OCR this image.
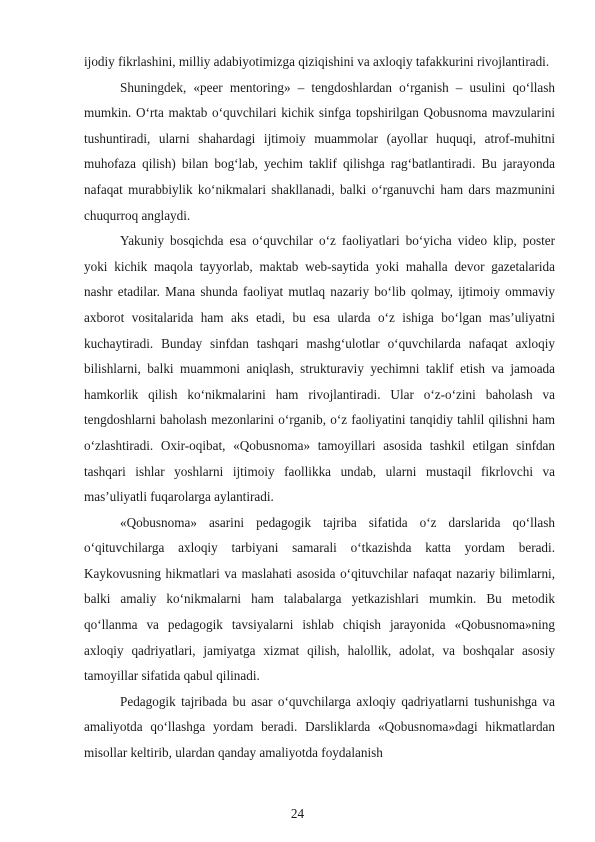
ijodiy fikrlashini, milliy adabiyotimizga qiziqishini va axloqiy tafakkurini rivojlantiradi.

Shuningdek, «peer mentoring» – tengdoshlardan o‘rganish – usulini qo‘llash mumkin. O‘rta maktab o‘quvchilari kichik sinfga topshirilgan Qobusnoma mavzularini tushuntiradi, ularni shahardagi ijtimoiy muammolar (ayollar huquqi, atrof-muhitni muhofaza qilish) bilan bog‘lab, yechim taklif qilishga rag‘batlantiradi. Bu jarayonda nafaqat murabbiylik ko‘nikmalari shakllanadi, balki o‘rganuvchi ham dars mazmunini chuqurroq anglaydi.

Yakuniy bosqichda esa o‘quvchilar o‘z faoliyatlari bo‘yicha video klip, poster yoki kichik maqola tayyorlab, maktab web-saytida yoki mahalla devor gazetalarida nashr etadilar. Mana shunda faoliyat mutlaq nazariy bo‘lib qolmay, ijtimoiy ommaviy axborot vositalarida ham aks etadi, bu esa ularda o‘z ishiga bo‘lgan mas’uliyatni kuchaytiradi. Bunday sinfdan tashqari mashg‘ulotlar o‘quvchilarda nafaqat axloqiy bilishlarni, balki muammoni aniqlash, strukturaviy yechimni taklif etish va jamoada hamkorlik qilish ko‘nikmalarini ham rivojlantiradi. Ular o‘z-o‘zini baholash va tengdoshlarni baholash mezonlarini o‘rganib, o‘z faoliyatini tanqidiy tahlil qilishni ham o‘zlashtiradi. Oxir-oqibat, «Qobusnoma» tamoyillari asosida tashkil etilgan sinfdan tashqari ishlar yoshlarni ijtimoiy faollikka undab, ularni mustaqil fikrlovchi va mas’uliyatli fuqarolarga aylantiradi.

«Qobusnoma» asarini pedagogik tajriba sifatida o‘z darslarida qo‘llash o‘qituvchilarga axloqiy tarbiyani samarali o‘tkazishda katta yordam beradi. Kaykovusning hikmatlari va maslahati asosida o‘qituvchilar nafaqat nazariy bilimlarni, balki amaliy ko‘nikmalarni ham talabalarga yetkazishlari mumkin. Bu metodik qo‘llanma va pedagogik tavsiyalarni ishlab chiqish jarayonida «Qobusnoma»ning axloqiy qadriyatlari, jamiyatga xizmat qilish, halollik, adolat, va boshqalar asosiy tamoyillar sifatida qabul qilinadi.

Pedagogik tajribada bu asar o‘quvchilarga axloqiy qadriyatlarni tushunishga va amaliyotda qo‘llashga yordam beradi. Darsliklarda «Qobusnoma»dagi hikmatlardan misollar keltirib, ulardan qanday amaliyotda foydalanish

24
